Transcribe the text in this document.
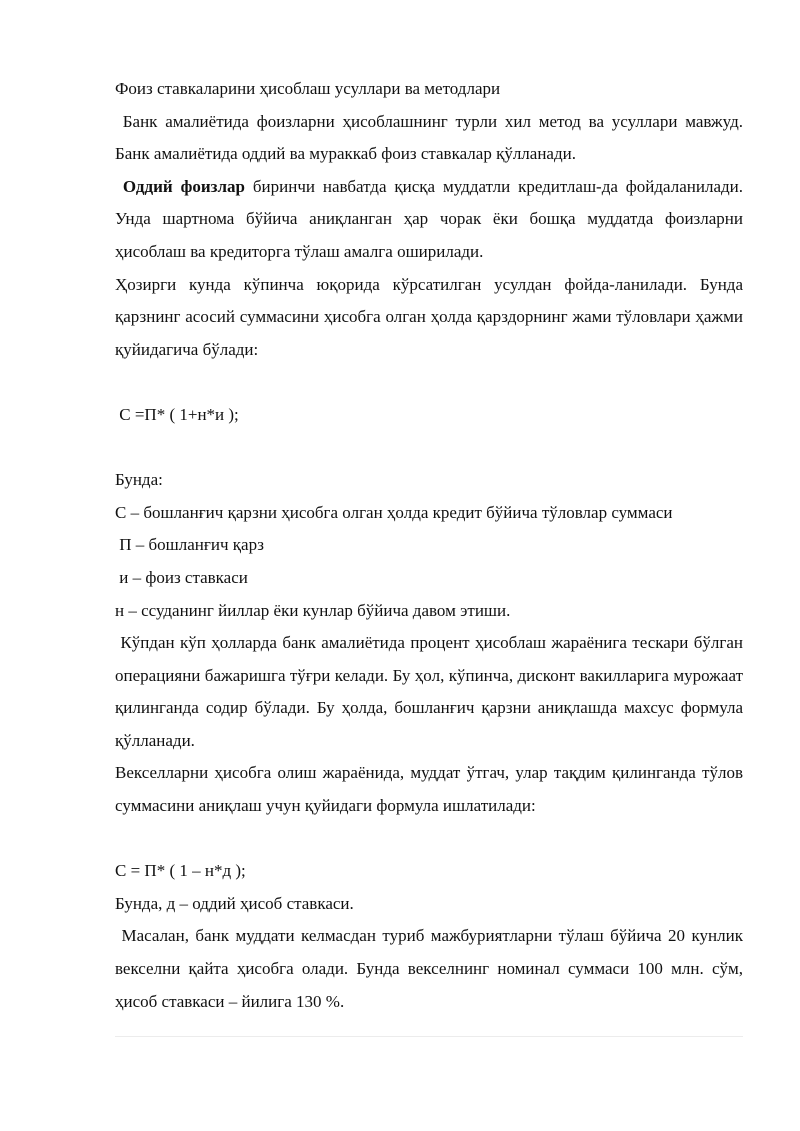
Фоиз ставкаларини ҳисоблаш усуллари ва методлари

Банк амалиётида фоизларни ҳисоблашнинг турли хил метод ва усуллари мавжуд. Банк амалиётида оддий ва мураккаб фоиз ставкалар қўлланади.

Оддий фоизлар биринчи навбатда қисқа муддатли кредитлаш-да фойдаланилади. Унда шартнома бўйича аниқланган ҳар чорак ёки бошқа муддатда фоизларни ҳисоблаш ва кредиторга тўлаш амалга оширилади.

Ҳозирги кунда кўпинча юқорида кўрсатилган усулдан фойда-ланилади. Бунда қарзнинг асосий суммасини ҳисобга олган ҳолда қарздорнинг жами тўловлари ҳажми қуйидагича бўлади:

С =П* ( 1+н*и );

Бунда:

С – бошланғич қарзни ҳисобга олган ҳолда кредит бўйича тўловлар суммаси

П – бошланғич қарз

и – фоиз ставкаси

н – ссуданинг йиллар ёки кунлар бўйича давом этиши.

Кўпдан кўп ҳолларда банк амалиётида процент ҳисоблаш жараёнига тескари бўлган операцияни бажаришга тўғри келади. Бу ҳол, кўпинча, дисконт вакилларига мурожаат қилинганда содир бўлади. Бу ҳолда, бошланғич қарзни аниқлашда махсус формула қўлланади.

Векселларни ҳисобга олиш жараёнида, муддат ўтгач, улар тақдим қилинганда тўлов суммасини аниқлаш учун қуйидаги формула ишлатилади:

С = П* ( 1 – н*д );

Бунда, д – оддий ҳисоб ставкаси.

Масалан, банк муддати келмасдан туриб мажбуриятларни тўлаш бўйича 20 кунлик векселни қайта ҳисобга олади. Бунда векселнинг номинал суммаси 100 млн. сўм, ҳисоб ставкаси – йилига 130 %.
